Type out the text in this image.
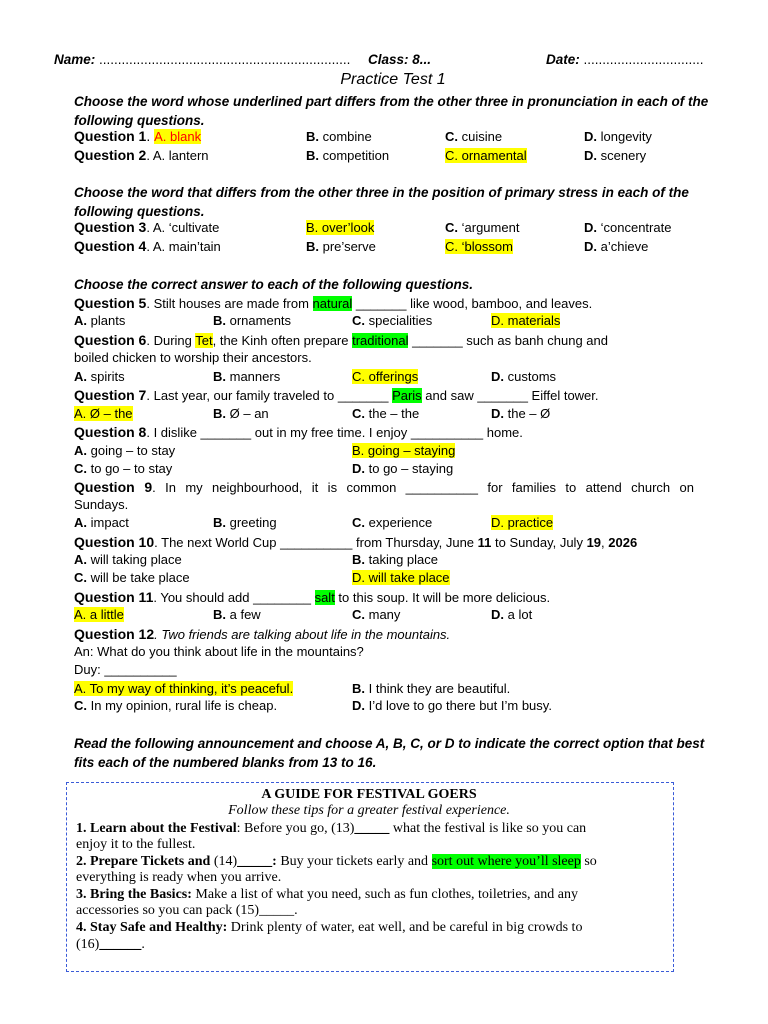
Name: ................................................................... Class: 8...	Date: ................................
Practice Test 1
Choose the word whose underlined part differs from the other three in pronunciation in each of the following questions.
Question 1. A. blank	B. combine	C. cuisine	D. longevity
Question 2. A. lantern	B. competition	C. ornamental	D. scenery
Choose the word that differs from the other three in the position of primary stress in each of the following questions.
Question 3. A. ‘cultivate	B. over’look	C. ‘argument	D. ‘concentrate
Question 4. A. main’tain	B. pre’serve	C. ‘blossom	D. a’chieve
Choose the correct answer to each of the following questions.
Question 5. Stilt houses are made from natural _______ like wood, bamboo, and leaves.
A. plants	B. ornaments	C. specialities	D. materials
Question 6. During Tet, the Kinh often prepare traditional _______ such as banh chung and
boiled chicken to worship their ancestors.
A. spirits	B. manners	C. offerings	D. customs
Question 7. Last year, our family traveled to _______ Paris and saw _______ Eiffel tower.
A. Ø – the	B. Ø – an	C. the – the	D. the – Ø
Question 8. I dislike _______ out in my free time. I enjoy __________ home.
A. going – to stay	B. going – staying
C. to go – to stay	D. to go – staying
Question 9. In my neighbourhood, it is common __________ for families to attend church on
Sundays.
A. impact	B. greeting	C. experience	D. practice
Question 10. The next World Cup __________ from Thursday, June 11 to Sunday, July 19, 2026
A. will taking place	B. taking place
C. will be take place	D. will take place
Question 11. You should add ________ salt to this soup. It will be more delicious.
A. a little	B. a few	C. many	D. a lot
Question 12. Two friends are talking about life in the mountains.
An: What do you think about life in the mountains?
Duy: __________
A. To my way of thinking, it’s peaceful.	B. I think they are beautiful.
C. In my opinion, rural life is cheap.	D. I’d love to go there but I’m busy.
Read the following announcement and choose A, B, C, or D to indicate the correct option that best fits each of the numbered blanks from 13 to 16.
A GUIDE FOR FESTIVAL GOERS
Follow these tips for a greater festival experience.
1. Learn about the Festival: Before you go, (13)_____ what the festival is like so you can
enjoy it to the fullest.
2. Prepare Tickets and (14)_____: Buy your tickets early and sort out where you’ll sleep so
everything is ready when you arrive.
3. Bring the Basics: Make a list of what you need, such as fun clothes, toiletries, and any
accessories so you can pack (15)_____.
4. Stay Safe and Healthy: Drink plenty of water, eat well, and be careful in big crowds to
(16)______.
